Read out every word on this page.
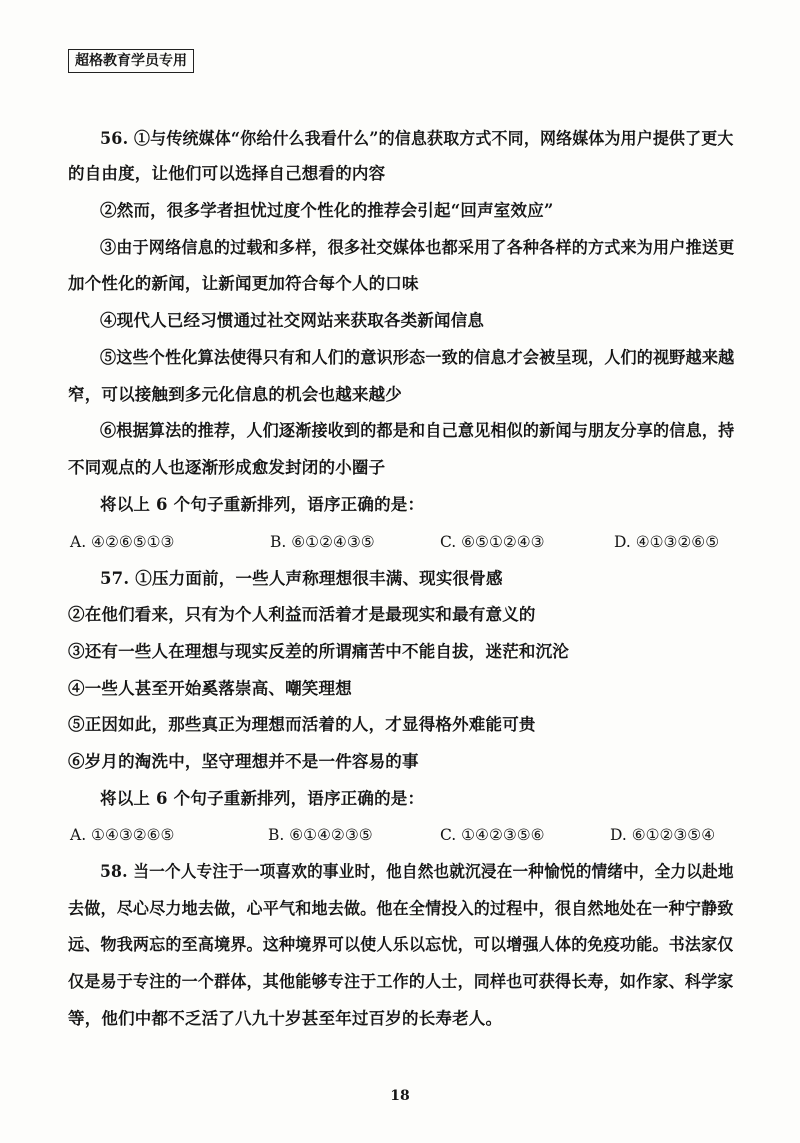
超格教育学员专用
56. ①与传统媒体“你给什么我看什么”的信息获取方式不同，网络媒体为用户提供了更大
的自由度，让他们可以选择自己想看的内容
②然而，很多学者担忧过度个性化的推荐会引起“回声室效应”
③由于网络信息的过载和多样，很多社交媒体也都采用了各种各样的方式来为用户推送更
加个性化的新闻，让新闻更加符合每个人的口味
④现代人已经习惯通过社交网站来获取各类新闻信息
⑤这些个性化算法使得只有和人们的意识形态一致的信息才会被呈现，人们的视野越来越
窄，可以接触到多元化信息的机会也越来越少
⑥根据算法的推荐，人们逐渐接收到的都是和自己意见相似的新闻与朋友分享的信息，持
不同观点的人也逐渐形成愈发封闭的小圈子
将以上 6 个句子重新排列，语序正确的是：
A. ④②⑥⑤①③	B. ⑥①②④③⑤	C. ⑥⑤①②④③	D. ④①③②⑥⑤
57. ①压力面前，一些人声称理想很丰满、现实很骨感
②在他们看来，只有为个人利益而活着才是最现实和最有意义的
③还有一些人在理想与现实反差的所谓痛苦中不能自拔，迷茫和沉沦
④一些人甚至开始奚落崇高、嘲笑理想
⑤正因如此，那些真正为理想而活着的人，才显得格外难能可贵
⑥岁月的淘洗中，坚守理想并不是一件容易的事
将以上 6 个句子重新排列，语序正确的是：
A. ①④③②⑥⑤	B. ⑥①④②③⑤	C. ①④②③⑤⑥	D. ⑥①②③⑤④
58. 当一个人专注于一项喜欢的事业时，他自然也就沉浸在一种愉悦的情绪中，全力以赴地
去做，尽心尽力地去做，心平气和地去做。他在全情投入的过程中，很自然地处在一种宁静致
远、物我两忘的至高境界。这种境界可以使人乐以忘忧，可以增强人体的免疫功能。书法家仅
仅是易于专注的一个群体，其他能够专注于工作的人士，同样也可获得长寿，如作家、科学家
等，他们中都不乏活了八九十岁甚至年过百岁的长寿老人。
18
